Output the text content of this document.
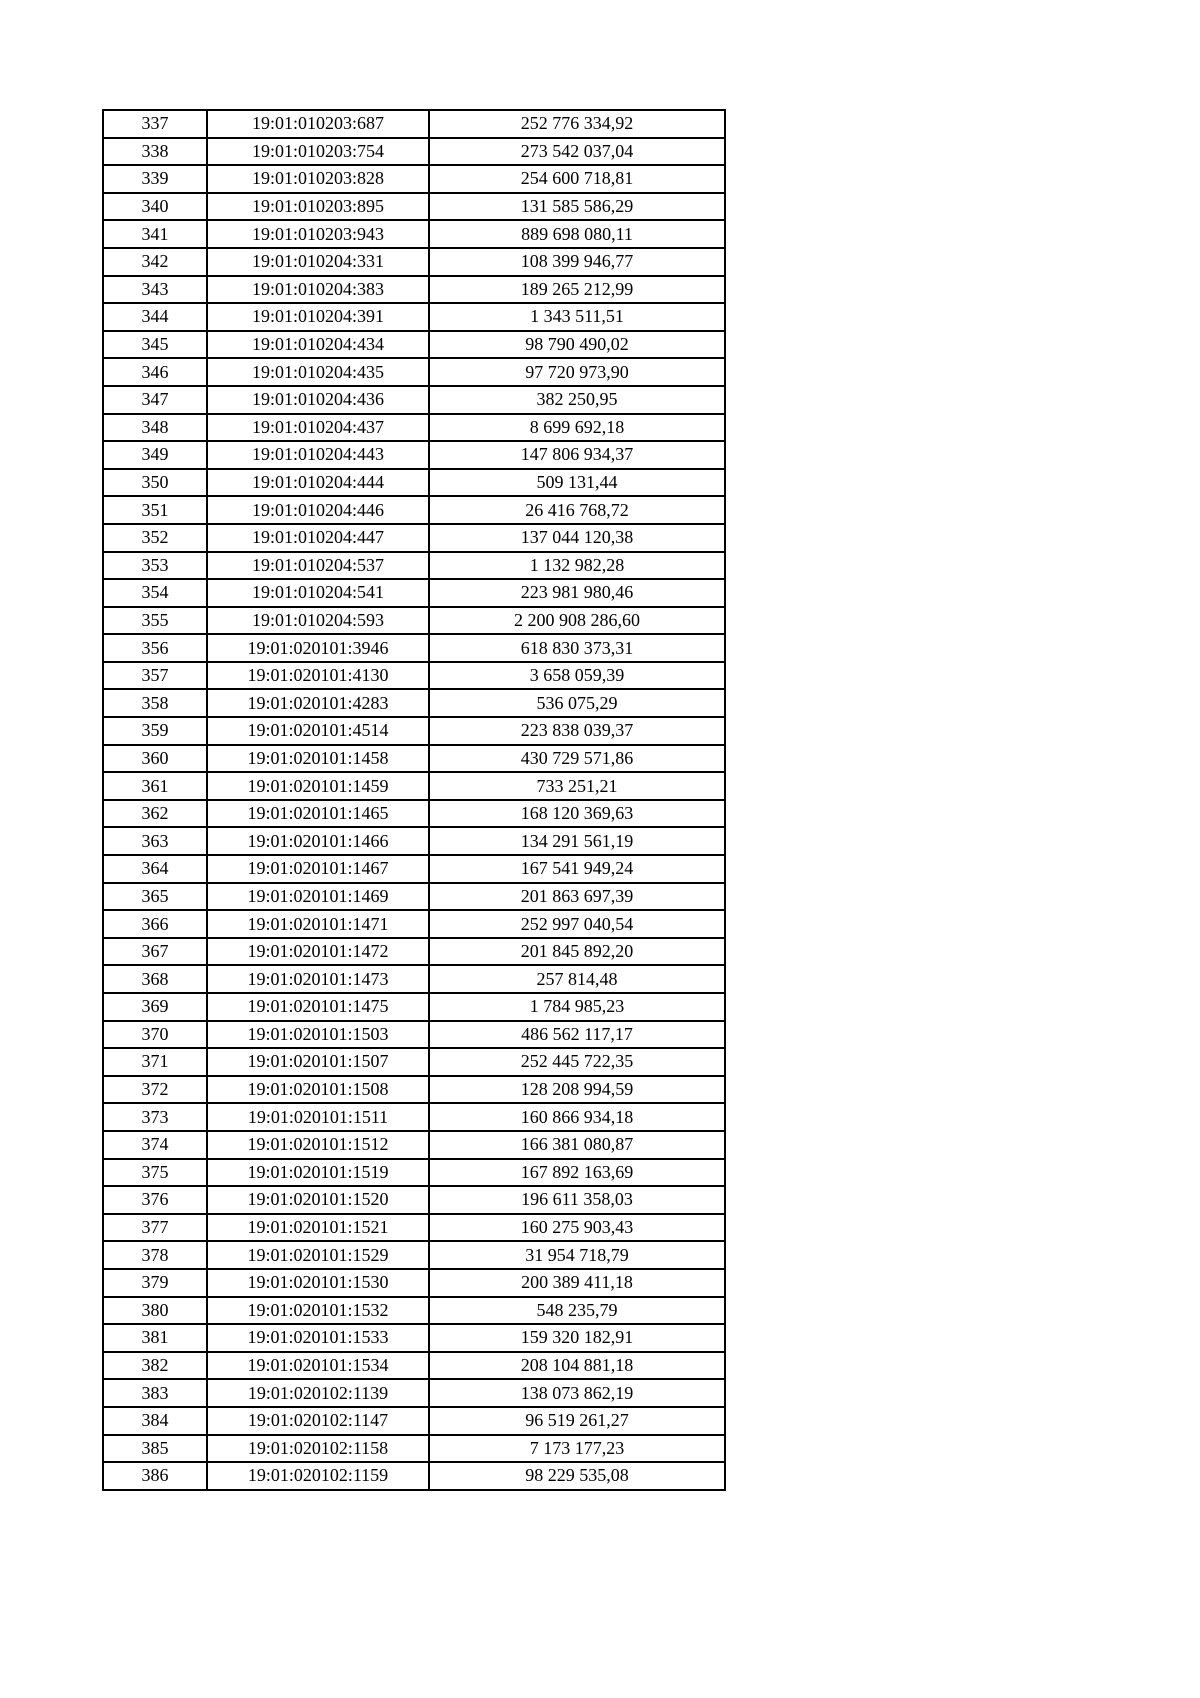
337	19:01:010203:687	252 776 334,92
338	19:01:010203:754	273 542 037,04
339	19:01:010203:828	254 600 718,81
340	19:01:010203:895	131 585 586,29
341	19:01:010203:943	889 698 080,11
342	19:01:010204:331	108 399 946,77
343	19:01:010204:383	189 265 212,99
344	19:01:010204:391	1 343 511,51
345	19:01:010204:434	98 790 490,02
346	19:01:010204:435	97 720 973,90
347	19:01:010204:436	382 250,95
348	19:01:010204:437	8 699 692,18
349	19:01:010204:443	147 806 934,37
350	19:01:010204:444	509 131,44
351	19:01:010204:446	26 416 768,72
352	19:01:010204:447	137 044 120,38
353	19:01:010204:537	1 132 982,28
354	19:01:010204:541	223 981 980,46
355	19:01:010204:593	2 200 908 286,60
356	19:01:020101:3946	618 830 373,31
357	19:01:020101:4130	3 658 059,39
358	19:01:020101:4283	536 075,29
359	19:01:020101:4514	223 838 039,37
360	19:01:020101:1458	430 729 571,86
361	19:01:020101:1459	733 251,21
362	19:01:020101:1465	168 120 369,63
363	19:01:020101:1466	134 291 561,19
364	19:01:020101:1467	167 541 949,24
365	19:01:020101:1469	201 863 697,39
366	19:01:020101:1471	252 997 040,54
367	19:01:020101:1472	201 845 892,20
368	19:01:020101:1473	257 814,48
369	19:01:020101:1475	1 784 985,23
370	19:01:020101:1503	486 562 117,17
371	19:01:020101:1507	252 445 722,35
372	19:01:020101:1508	128 208 994,59
373	19:01:020101:1511	160 866 934,18
374	19:01:020101:1512	166 381 080,87
375	19:01:020101:1519	167 892 163,69
376	19:01:020101:1520	196 611 358,03
377	19:01:020101:1521	160 275 903,43
378	19:01:020101:1529	31 954 718,79
379	19:01:020101:1530	200 389 411,18
380	19:01:020101:1532	548 235,79
381	19:01:020101:1533	159 320 182,91
382	19:01:020101:1534	208 104 881,18
383	19:01:020102:1139	138 073 862,19
384	19:01:020102:1147	96 519 261,27
385	19:01:020102:1158	7 173 177,23
386	19:01:020102:1159	98 229 535,08
